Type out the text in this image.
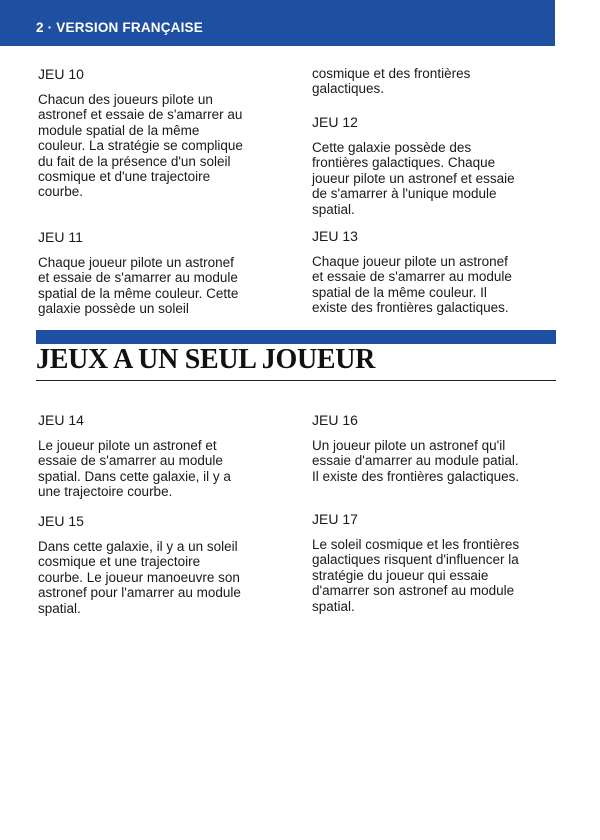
2 · VERSION FRANÇAISE
JEU 10

Chacun des joueurs pilote un
astronef et essaie de s'amarrer au
module spatial de la même
couleur. La stratégie se complique
du fait de la présence d'un soleil
cosmique et d'une trajectoire
courbe.

JEU 11

Chaque joueur pilote un astronef
et essaie de s'amarrer au module
spatial de la même couleur. Cette
galaxie possède un soleil

cosmique et des frontières
galactiques.

JEU 12

Cette galaxie possède des
frontières galactiques. Chaque
joueur pilote un astronef et essaie
de s'amarrer à l'unique module
spatial.

JEU 13

Chaque joueur pilote un astronef
et essaie de s'amarrer au module
spatial de la même couleur. Il
existe des frontières galactiques.

JEUX A UN SEUL JOUEUR
JEU 14

Le joueur pilote un astronef et
essaie de s'amarrer au module
spatial. Dans cette galaxie, il y a
une trajectoire courbe.

JEU 15

Dans cette galaxie, il y a un soleil
cosmique et une trajectoire
courbe. Le joueur manoeuvre son
astronef pour l'amarrer au module
spatial.

JEU 16

Un joueur pilote un astronef qu'il
essaie d'amarrer au module patial.
Il existe des frontières galactiques.

JEU 17

Le soleil cosmique et les frontières
galactiques risquent d'influencer la
stratégie du joueur qui essaie
d'amarrer son astronef au module
spatial.
